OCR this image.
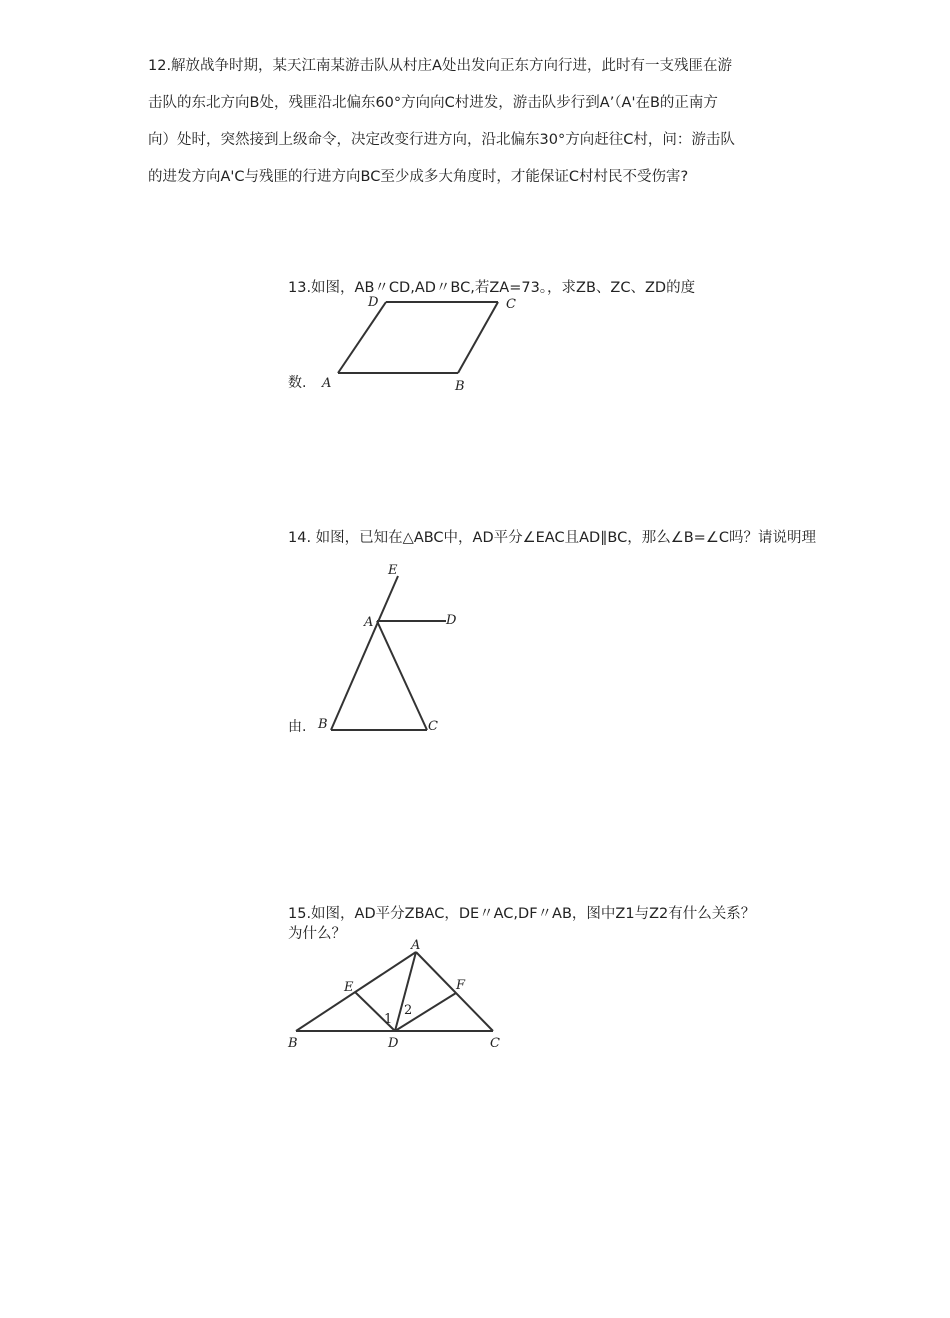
12.解放战争时期，某天江南某游击队从村庄A处出发向正东方向行进，此时有一支残匪在游
击队的东北方向B处，残匪沿北偏东60°方向向C村进发，游击队步行到A’（A'在B的正南方
向）处时，突然接到上级命令，决定改变行进方向，沿北偏东30°方向赶往C村，问：游击队
的进发方向A'C与残匪的行进方向BC至少成多大角度时，才能保证C村村民不受伤害?
13.如图，AB〃CD,AD〃BC,若ZA=73。，求ZB、ZC、ZD的度
D	C
A	B
数.
14. 如图，已知在△ABC中，AD平分∠EAC且AD∥BC，那么∠B=∠C吗？请说明理
E
A	D
B	C
由.
15.如图，AD平分ZBAC，DE〃AC,DF〃AB，图中Z1与Z2有什么关系？
为什么？
A
E	F
B	D	C
1
2
